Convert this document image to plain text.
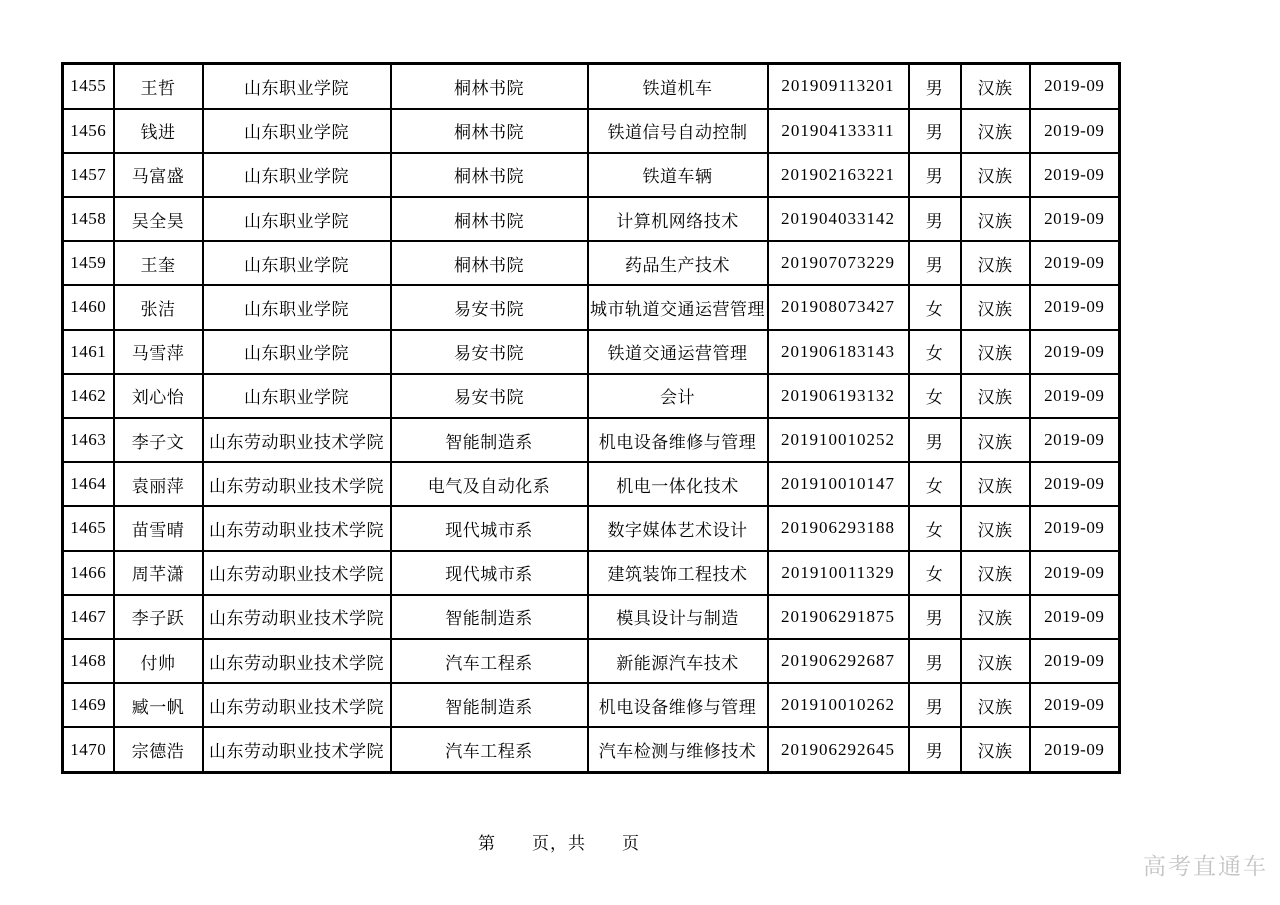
1455	王哲	山东职业学院	桐林书院	铁道机车	201909113201	男	汉族	2019-09
1456	钱进	山东职业学院	桐林书院	铁道信号自动控制	201904133311	男	汉族	2019-09
1457	马富盛	山东职业学院	桐林书院	铁道车辆	201902163221	男	汉族	2019-09
1458	吴全昊	山东职业学院	桐林书院	计算机网络技术	201904033142	男	汉族	2019-09
1459	王奎	山东职业学院	桐林书院	药品生产技术	201907073229	男	汉族	2019-09
1460	张洁	山东职业学院	易安书院	城市轨道交通运营管理	201908073427	女	汉族	2019-09
1461	马雪萍	山东职业学院	易安书院	铁道交通运营管理	201906183143	女	汉族	2019-09
1462	刘心怡	山东职业学院	易安书院	会计	201906193132	女	汉族	2019-09
1463	李子文	山东劳动职业技术学院	智能制造系	机电设备维修与管理	201910010252	男	汉族	2019-09
1464	袁丽萍	山东劳动职业技术学院	电气及自动化系	机电一体化技术	201910010147	女	汉族	2019-09
1465	苗雪晴	山东劳动职业技术学院	现代城市系	数字媒体艺术设计	201906293188	女	汉族	2019-09
1466	周芊潇	山东劳动职业技术学院	现代城市系	建筑装饰工程技术	201910011329	女	汉族	2019-09
1467	李子跃	山东劳动职业技术学院	智能制造系	模具设计与制造	201906291875	男	汉族	2019-09
1468	付帅	山东劳动职业技术学院	汽车工程系	新能源汽车技术	201906292687	男	汉族	2019-09
1469	臧一帆	山东劳动职业技术学院	智能制造系	机电设备维修与管理	201910010262	男	汉族	2019-09
1470	宗德浩	山东劳动职业技术学院	汽车工程系	汽车检测与维修技术	201906292645	男	汉族	2019-09
第　　页，共　　页
高考直通车
